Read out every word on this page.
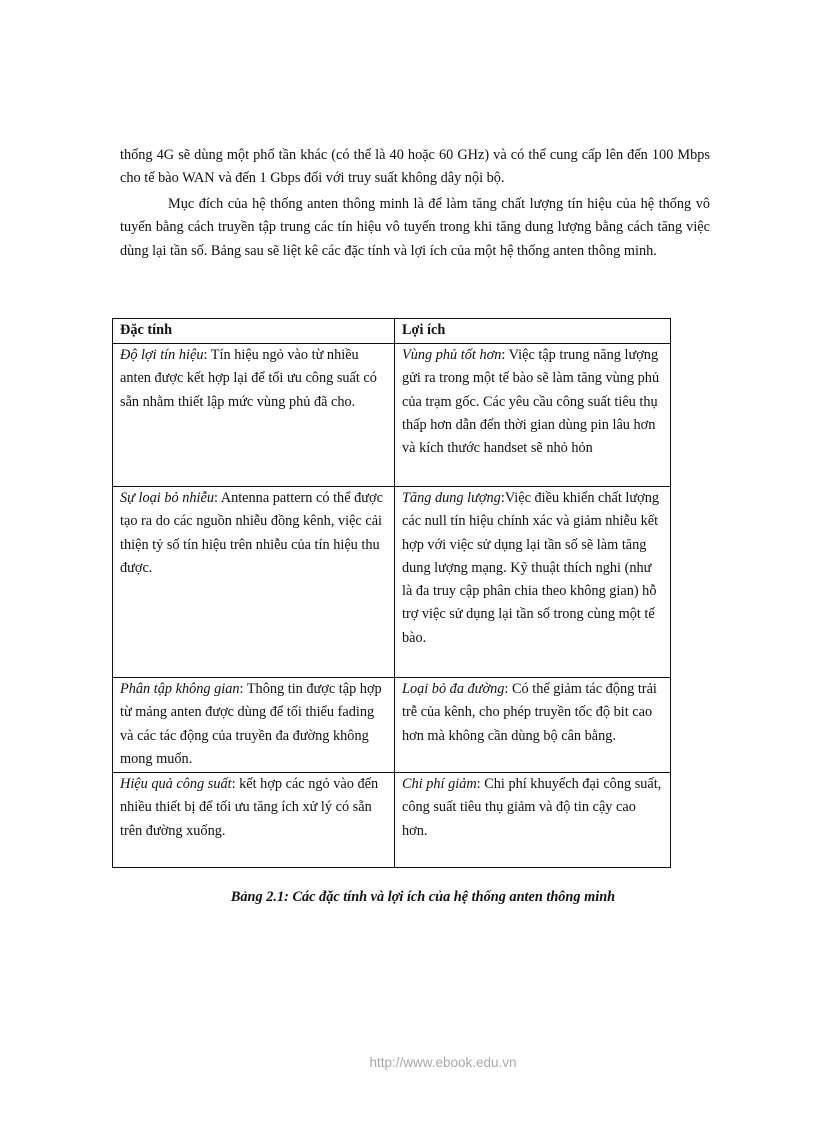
thống 4G sẽ dùng một phổ tần khác (có thể là 40 hoặc 60 GHz) và có thể cung cấp lên đến 100 Mbps cho tế bào WAN và đến 1 Gbps đối với truy suất không dây nội bộ.

Mục đích của hệ thống anten thông minh là để làm tăng chất lượng tín hiệu của hệ thống vô tuyến bằng cách truyền tập trung các tín hiệu vô tuyến trong khi tăng dung lượng bằng cách tăng việc dùng lại tần số. Bảng sau sẽ liệt kê các đặc tính và lợi ích của một hệ thống anten thông minh.

Đặc tính	Lợi ích
Độ lợi tín hiệu: Tín hiệu ngỏ vào từ nhiều anten được kết hợp lại để tối ưu công suất có sẵn nhằm thiết lập mức vùng phủ đã cho.	Vùng phủ tốt hơn: Việc tập trung năng lượng gửi ra trong một tế bào sẽ làm tăng vùng phủ của trạm gốc. Các yêu cầu công suất tiêu thụ thấp hơn dẫn đến thời gian dùng pin lâu hơn và kích thước handset sẽ nhỏ hỏn
Sự loại bỏ nhiễu: Antenna pattern có thể được tạo ra do các nguồn nhiễu đồng kênh, việc cải thiện tỷ số tín hiệu trên nhiễu của tín hiệu thu được.	Tăng dung lượng:Việc điều khiển chất lượng các null tín hiệu chính xác và giảm nhiễu kết hợp với việc sử dụng lại tần số sẽ làm tăng dung lượng mạng. Kỹ thuật thích nghi (như là đa truy cập phân chia theo không gian) hỗ trợ việc sử dụng lại tần số trong cùng một tế bào.
Phân tập không gian: Thông tin được tập hợp từ mảng anten được dùng để tối thiểu fading và các tác động của truyền đa đường không mong muốn.	Loại bỏ đa đường: Có thể giảm tác động trải trễ của kênh, cho phép truyền tốc độ bit cao hơn mà không cần dùng bộ cân bằng.
Hiệu quả công suất: kết hợp các ngỏ vào đến nhiều thiết bị để tối ưu tăng ích xử lý có sẵn trên đường xuống.	Chi phí giảm: Chi phí khuyếch đại công suất, công suất tiêu thụ giảm và độ tin cậy cao hơn.

Bảng 2.1: Các đặc tính và lợi ích của hệ thống anten thông minh

http://www.ebook.edu.vn
